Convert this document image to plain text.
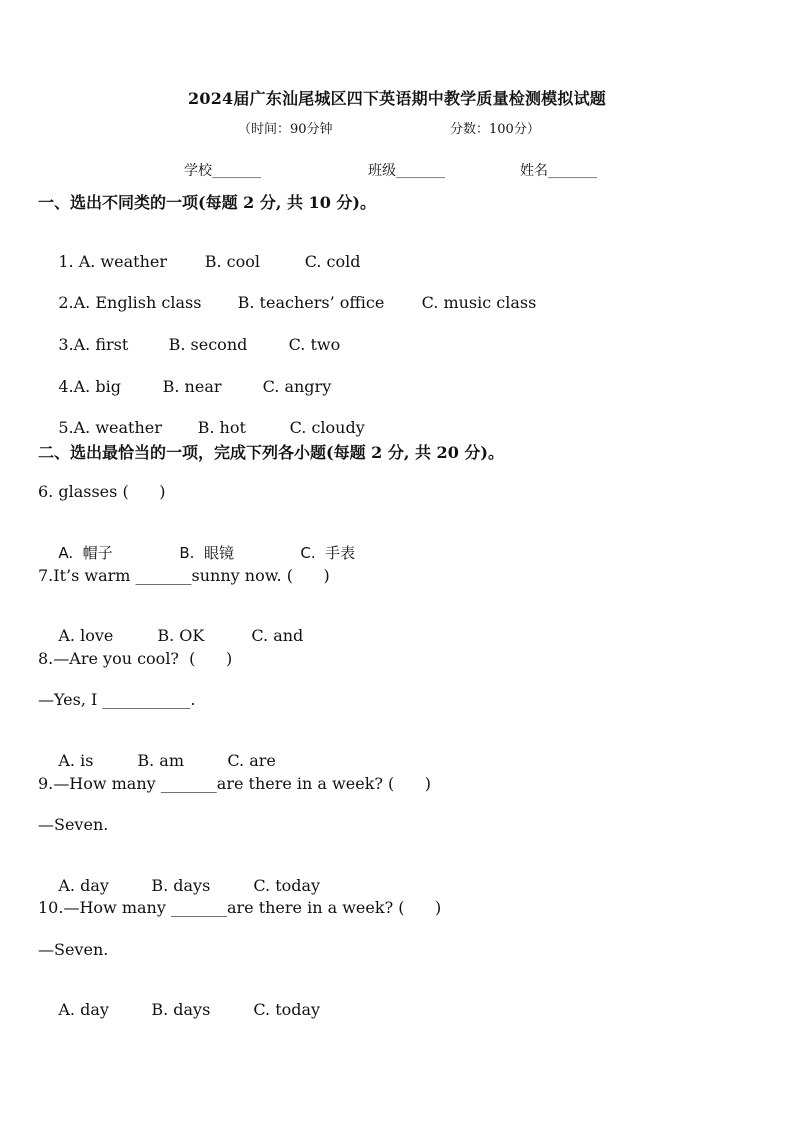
2024届广东汕尾城区四下英语期中教学质量检测模拟试题
（时间：90分钟	分数：100分）
学校_______	班级_______	姓名_______
一、选出不同类的一项(每题 2 分, 共 10 分)。

1. A. weather B. cool	C. cold

2.A. English class B. teachers’ office C. music class

3.A. first	B. second	C. two

4.A. big	B. near	C. angry

5.A. weather B. hot	C. cloudy

二、选出最恰当的一项，完成下列各小题(每题 2 分, 共 20 分)。
6. glasses (      )

A.  帽子	B.  眼镜	C.  手表

7.It’s warm _______sunny now. (      )

A. love	B. OK	C. and

8.—Are you cool?  (      )
—Yes, I ___________.

A. is	B. am	C. are

9.—How many _______are there in a week? (      )
—Seven.

A. day	B. days	C. today

10.—How many _______are there in a week? (      )
—Seven.

A. day	B. days	C. today
